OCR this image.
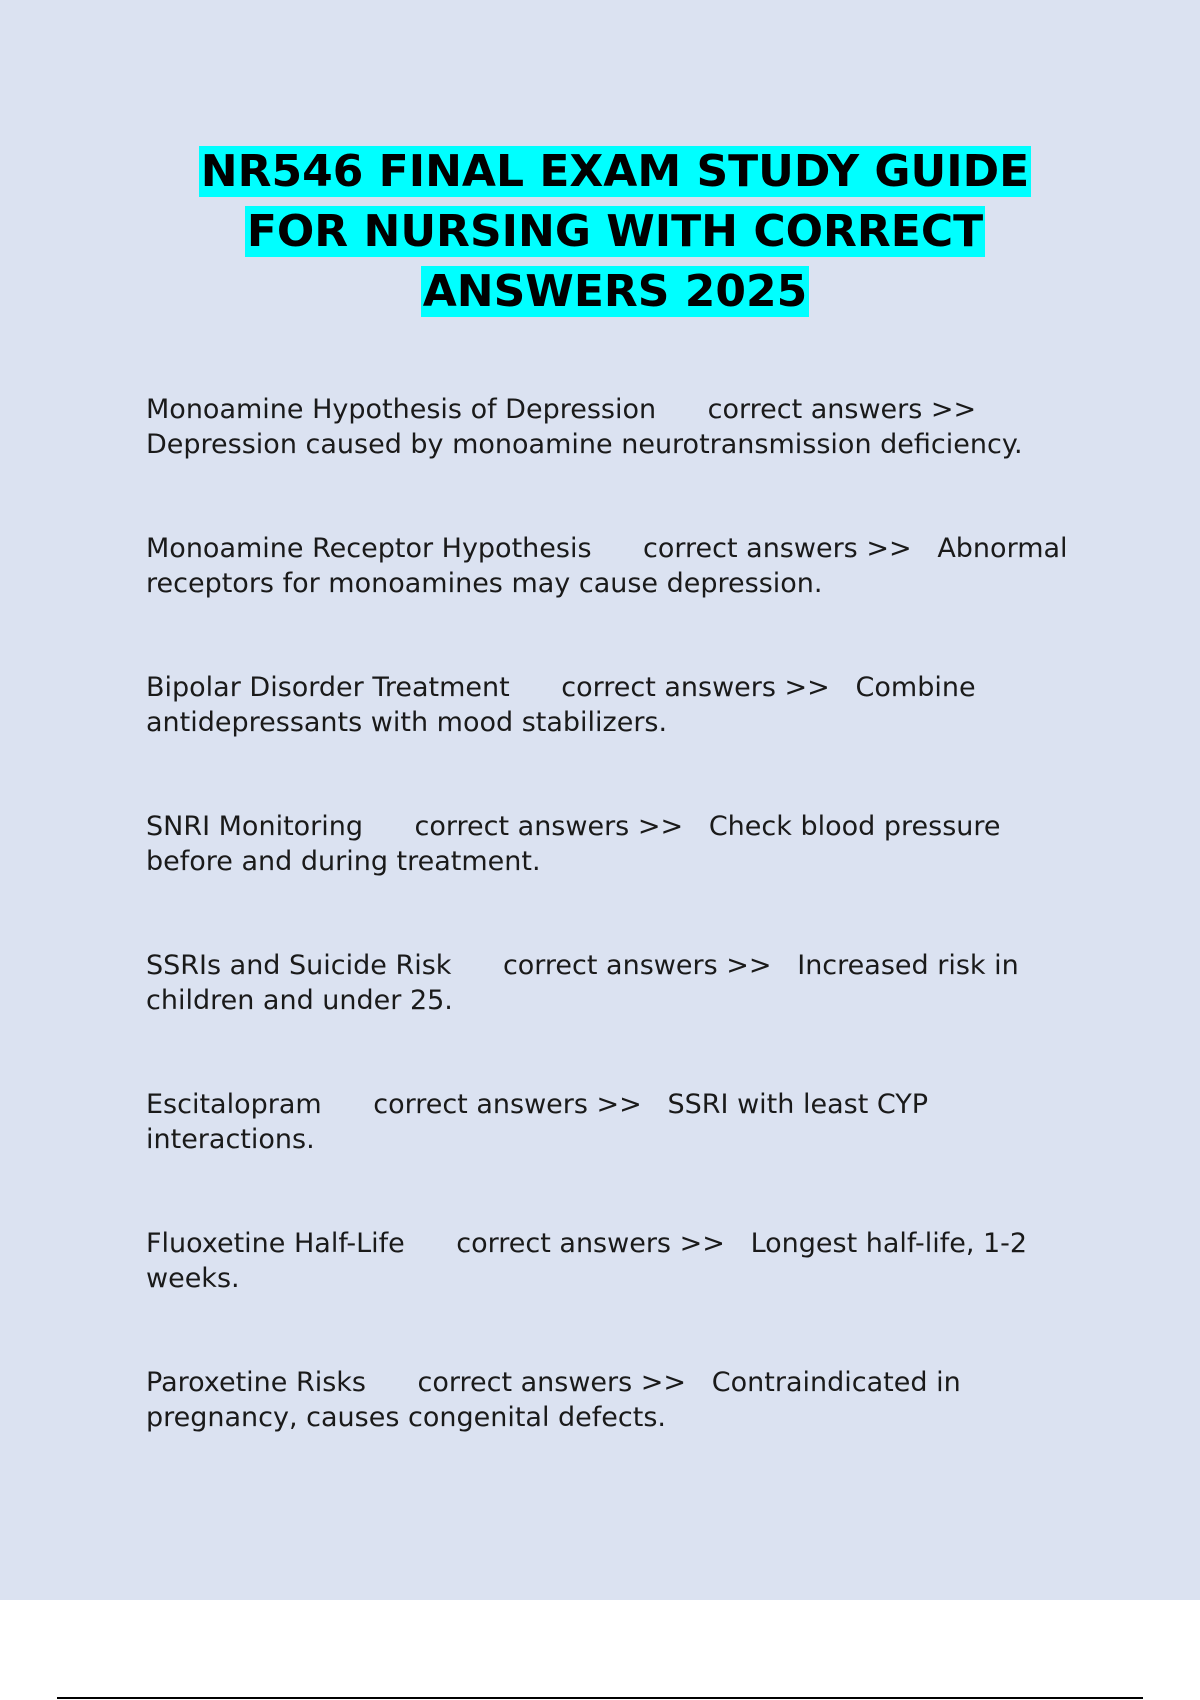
NR546 FINAL EXAM STUDY GUIDE
FOR NURSING WITH CORRECT
ANSWERS 2025

Monoamine Hypothesis of Depression correct answers >>Depression caused by monoamine neurotransmission deficiency.

Monoamine Receptor Hypothesis correct answers >> Abnormal receptors for monoamines may cause depression.

Bipolar Disorder Treatment correct answers >> Combine antidepressants with mood stabilizers.

SNRI Monitoring correct answers >> Check blood pressure before and during treatment.

SSRIs and Suicide Risk correct answers >> Increased risk in children and under 25.

Escitalopram correct answers >> SSRI with least CYP interactions.

Fluoxetine Half-Life correct answers >> Longest half-life, 1-2 weeks.

Paroxetine Risks correct answers >> Contraindicated in pregnancy, causes congenital defects.
